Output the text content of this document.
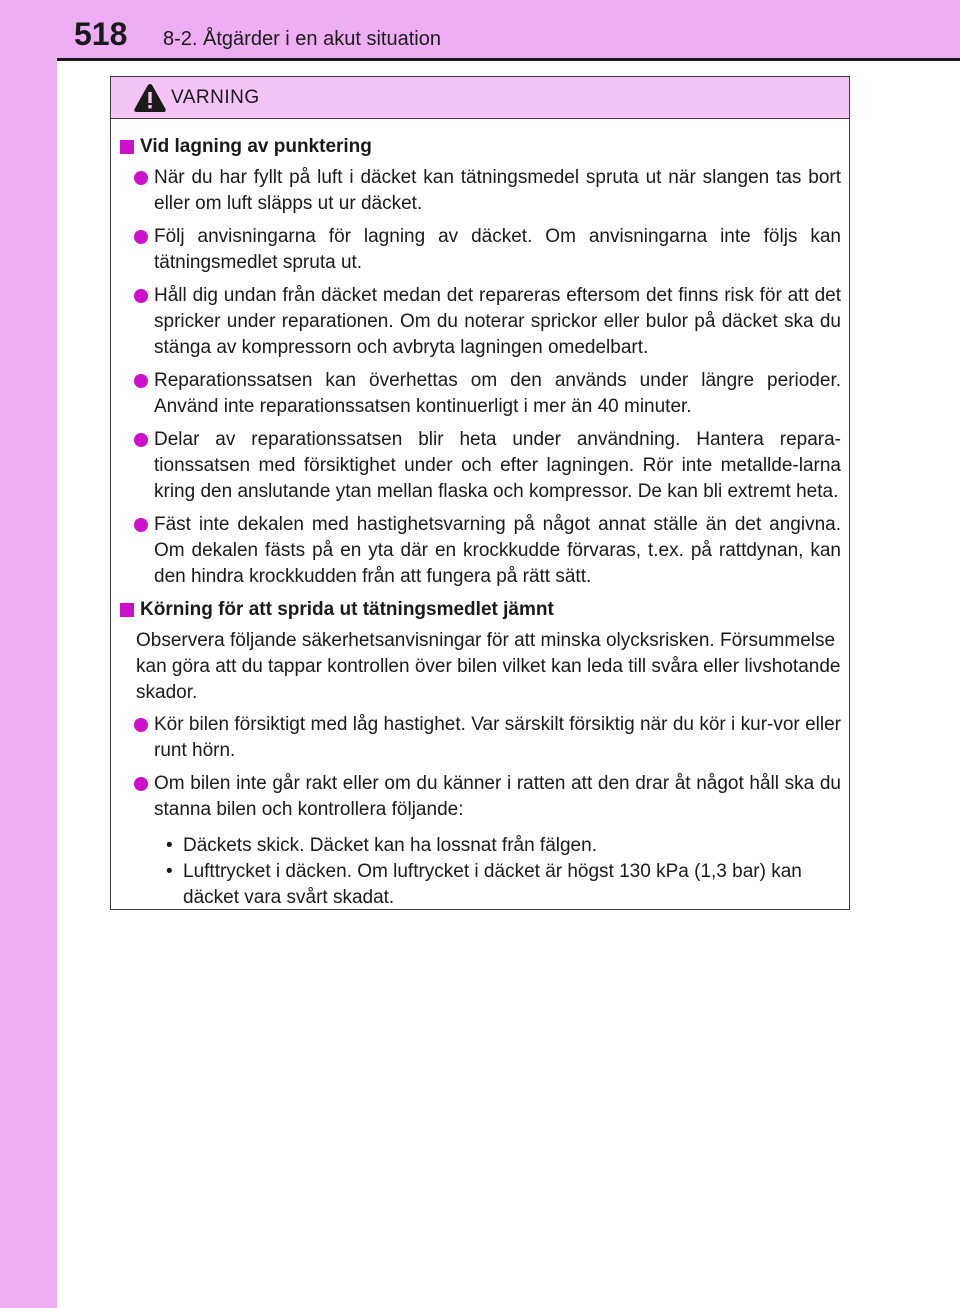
518 8-2. Åtgärder i en akut situation
VARNING
Vid lagning av punktering
När du har fyllt på luft i däcket kan tätningsmedel spruta ut när slangen tas bort eller om luft släpps ut ur däcket.
Följ anvisningarna för lagning av däcket. Om anvisningarna inte följs kan tätningsmedlet spruta ut.
Håll dig undan från däcket medan det repareras eftersom det finns risk för att det spricker under reparationen. Om du noterar sprickor eller bulor på däcket ska du stänga av kompressorn och avbryta lagningen omedelbart.
Reparationssatsen kan överhettas om den används under längre perioder. Använd inte reparationssatsen kontinuerligt i mer än 40 minuter.
Delar av reparationssatsen blir heta under användning. Hantera repara-tionssatsen med försiktighet under och efter lagningen. Rör inte metallde-larna kring den anslutande ytan mellan flaska och kompressor. De kan bli extremt heta.
Fäst inte dekalen med hastighetsvarning på något annat ställe än det angivna. Om dekalen fästs på en yta där en krockkudde förvaras, t.ex. på rattdynan, kan den hindra krockkudden från att fungera på rätt sätt.
Körning för att sprida ut tätningsmedlet jämnt
Observera följande säkerhetsanvisningar för att minska olycksrisken. Försummelse kan göra att du tappar kontrollen över bilen vilket kan leda till svåra eller livshotande skador.
Kör bilen försiktigt med låg hastighet. Var särskilt försiktig när du kör i kur-vor eller runt hörn.
Om bilen inte går rakt eller om du känner i ratten att den drar åt något håll ska du stanna bilen och kontrollera följande:
• Däckets skick. Däcket kan ha lossnat från fälgen.
• Lufttrycket i däcken. Om luftrycket i däcket är högst 130 kPa (1,3 bar) kan däcket vara svårt skadat.
